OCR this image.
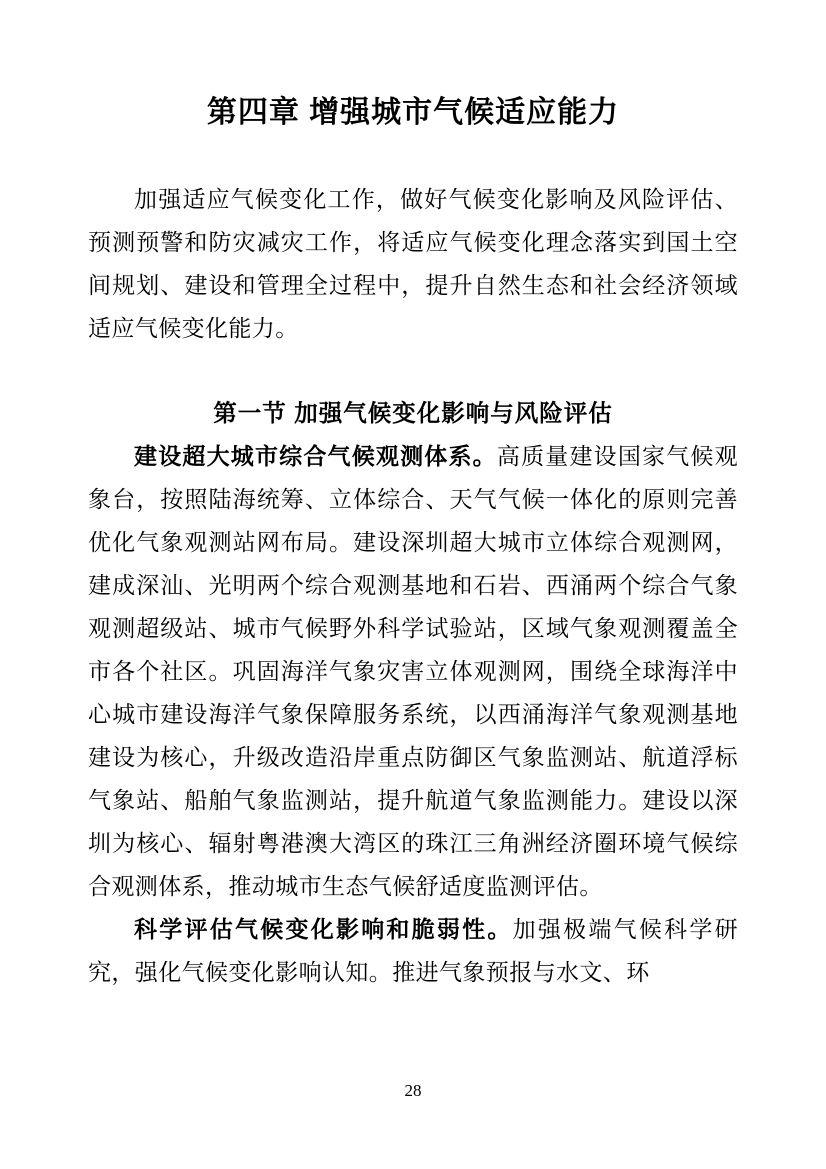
第四章 增强城市气候适应能力

加强适应气候变化工作，做好气候变化影响及风险评估、预测预警和防灾减灾工作，将适应气候变化理念落实到国土空间规划、建设和管理全过程中，提升自然生态和社会经济领域适应气候变化能力。

第一节 加强气候变化影响与风险评估

建设超大城市综合气候观测体系。高质量建设国家气候观象台，按照陆海统筹、立体综合、天气气候一体化的原则完善优化气象观测站网布局。建设深圳超大城市立体综合观测网，建成深汕、光明两个综合观测基地和石岩、西涌两个综合气象观测超级站、城市气候野外科学试验站，区域气象观测覆盖全市各个社区。巩固海洋气象灾害立体观测网，围绕全球海洋中心城市建设海洋气象保障服务系统，以西涌海洋气象观测基地建设为核心，升级改造沿岸重点防御区气象监测站、航道浮标气象站、船舶气象监测站，提升航道气象监测能力。建设以深圳为核心、辐射粤港澳大湾区的珠江三角洲经济圈环境气候综合观测体系，推动城市生态气候舒适度监测评估。

科学评估气候变化影响和脆弱性。加强极端气候科学研究，强化气候变化影响认知。推进气象预报与水文、环

28
